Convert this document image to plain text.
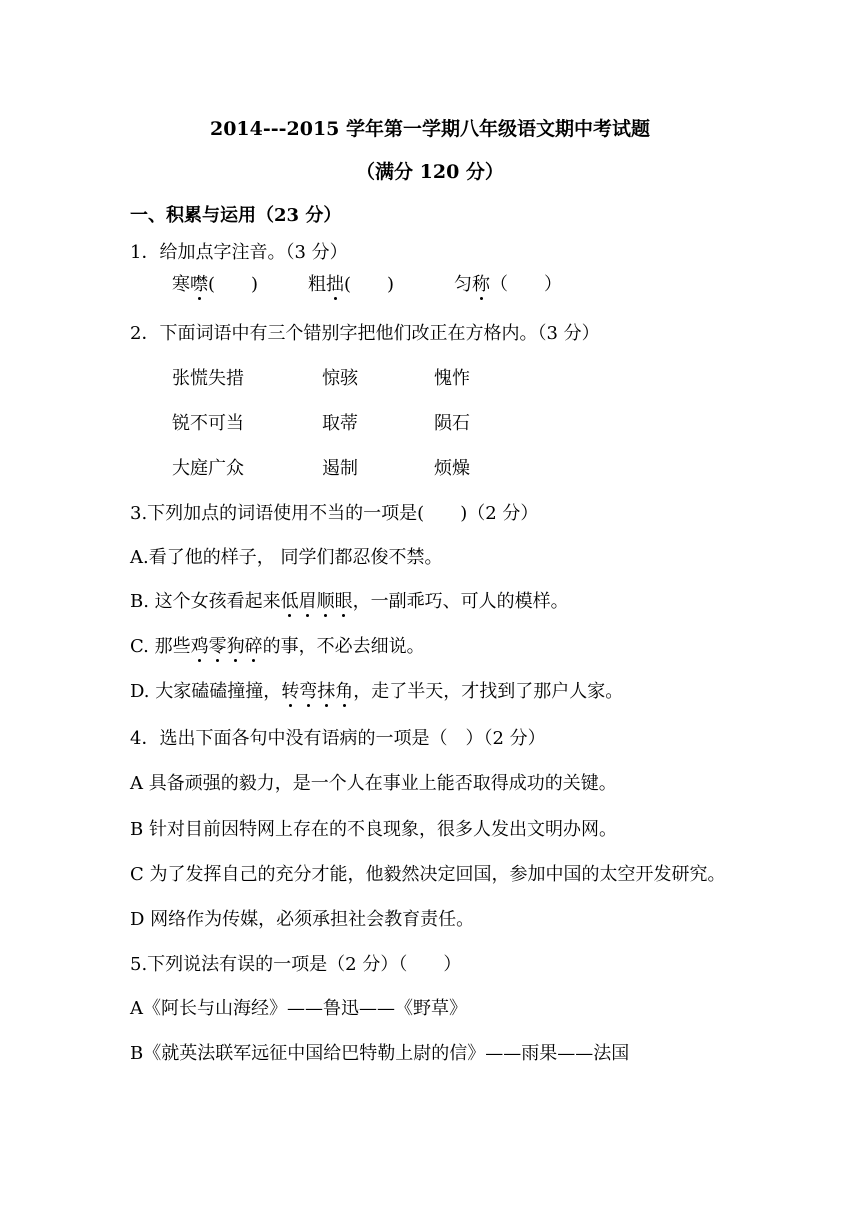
2014---2015 学年第一学期八年级语文期中考试题
（满分 120 分）
一、积累与运用（23 分）
1．给加点字注音。（3 分）
寒噤(　　)	粗拙(　　)	匀称（　　）
2．下面词语中有三个错别字把他们改正在方格内。（3 分）
张慌失措	惊骇	愧怍
锐不可当	取蒂	陨石
大庭广众	遏制	烦燥
3.下列加点的词语使用不当的一项是(　　)（2 分）
A.看了他的样子， 同学们都忍俊不禁。
B. 这个女孩看起来低眉顺眼，一副乖巧、可人的模样。
C. 那些鸡零狗碎的事，不必去细说。
D. 大家磕磕撞撞，转弯抹角，走了半天，才找到了那户人家。
4．选出下面各句中没有语病的一项是（　）（2 分）
A 具备顽强的毅力，是一个人在事业上能否取得成功的关键。
B 针对目前因特网上存在的不良现象，很多人发出文明办网。
C 为了发挥自己的充分才能，他毅然决定回国，参加中国的太空开发研究。
D 网络作为传媒，必须承担社会教育责任。
5.下列说法有误的一项是（2 分）（　　）
A《阿长与山海经》——鲁迅——《野草》
B《就英法联军远征中国给巴特勒上尉的信》——雨果——法国
